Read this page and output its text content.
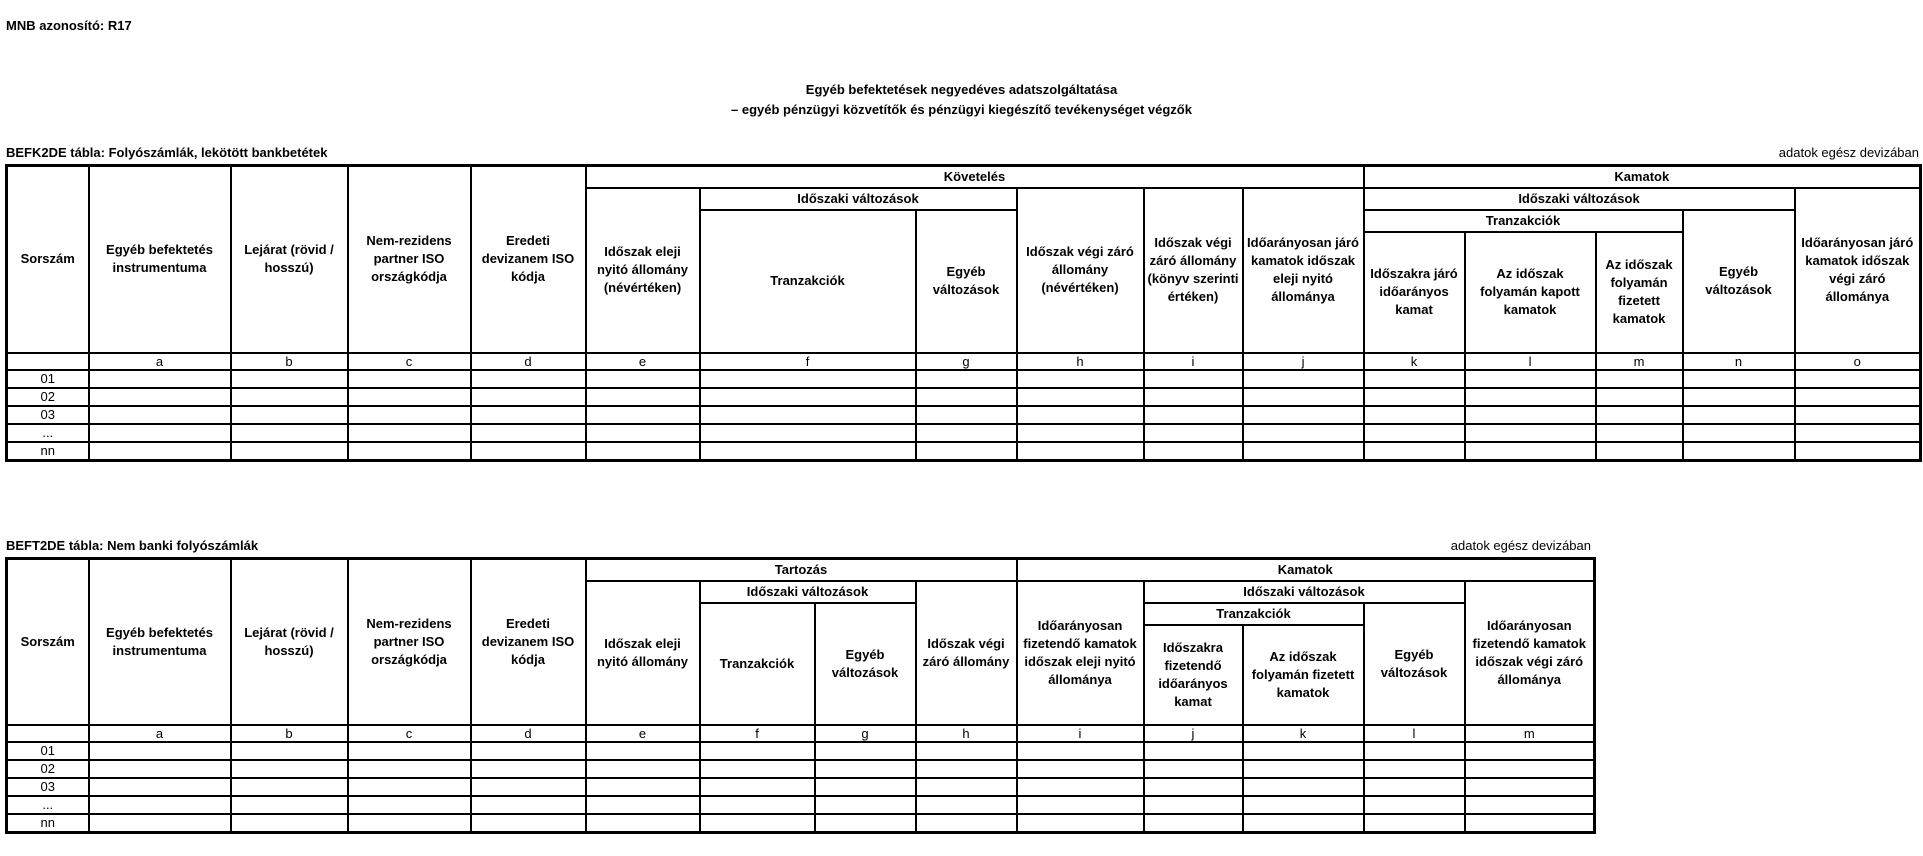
MNB azonosító: R17
Egyéb befektetések negyedéves adatszolgáltatása
– egyéb pénzügyi közvetítők és pénzügyi kiegészítő tevékenységet végzők
BEFK2DE tábla: Folyószámlák, lekötött bankbetétek	adatok egész devizában
Sorszám	Egyéb befektetés instrumentuma	Lejárat (rövid / hosszú)	Nem-rezidens partner ISO országkódja	Eredeti devizanem ISO kódja	Követelés						Kamatok				
					Időszak eleji nyitó állomány (névértéken)	Időszaki változások		Időszak végi záró állomány (névértéken)	Időszak végi záró állomány (könyv szerinti értéken)	Időarányosan járó kamatok időszak eleji nyitó állománya	Időszaki változások				Időarányosan járó kamatok időszak végi záró állománya
						Tranzakciók	Egyéb változások				Tranzakciók			Egyéb változások	
											Időszakra járó időarányos kamat	Az időszak folyamán kapott kamatok	Az időszak folyamán fizetett kamatok		
	a	b	c	d	e	f	g	h	i	j	k	l	m	n	o
01															
02															
03															
...															
nn															
BEFT2DE tábla: Nem banki folyószámlák	adatok egész devizában
Sorszám	Egyéb befektetés instrumentuma	Lejárat (rövid / hosszú)	Nem-rezidens partner ISO országkódja	Eredeti devizanem ISO kódja	Tartozás				Kamatok				
					Időszak eleji nyitó állomány	Időszaki változások		Időszak végi záró állomány	Időarányosan fizetendő kamatok időszak eleji nyitó állománya	Időszaki változások			Időarányosan fizetendő kamatok időszak végi záró állománya
						Tranzakciók	Egyéb változások			Tranzakciók		Egyéb változások	
										Időszakra fizetendő időarányos kamat	Az időszak folyamán fizetett kamatok		
	a	b	c	d	e	f	g	h	i	j	k	l	m
01													
02													
03													
...													
nn													
